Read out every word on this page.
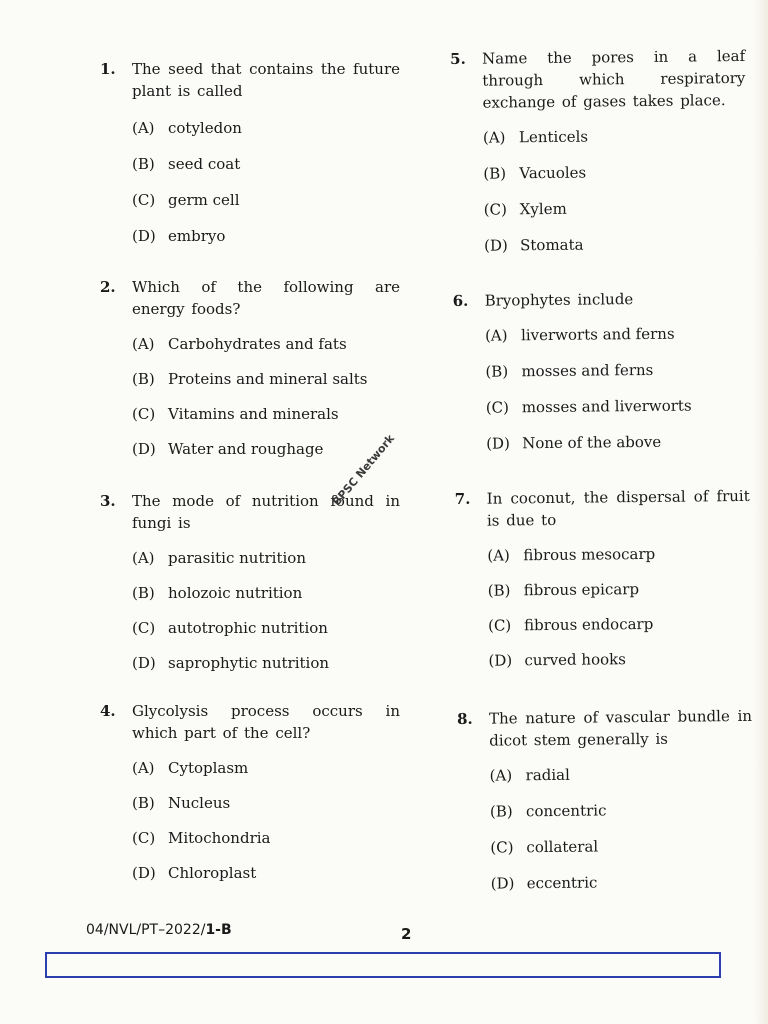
1.	The seed that contains the future plant is called
(A) cotyledon
(B) seed coat
(C) germ cell
(D) embryo
2.	Which of the following are energy foods?
(A) Carbohydrates and fats
(B) Proteins and mineral salts
(C) Vitamins and minerals
(D) Water and roughage
3.	The mode of nutrition found in fungi is
(A) parasitic nutrition
(B) holozoic nutrition
(C) autotrophic nutrition
(D) saprophytic nutrition
4.	Glycolysis process occurs in which part of the cell?
(A) Cytoplasm
(B) Nucleus
(C) Mitochondria
(D) Chloroplast
5.	Name the pores in a leaf through which respiratory exchange of gases takes place.
(A) Lenticels
(B) Vacuoles
(C) Xylem
(D) Stomata
6.	Bryophytes include
(A) liverworts and ferns
(B) mosses and ferns
(C) mosses and liverworts
(D) None of the above
7.	In coconut, the dispersal of fruit is due to
(A) fibrous mesocarp
(B) fibrous epicarp
(C) fibrous endocarp
(D) curved hooks
8.	The nature of vascular bundle in dicot stem generally is
(A) radial
(B) concentric
(C) collateral
(D) eccentric
BPSC Network
04/NVL/PT–2022/1-B	2
